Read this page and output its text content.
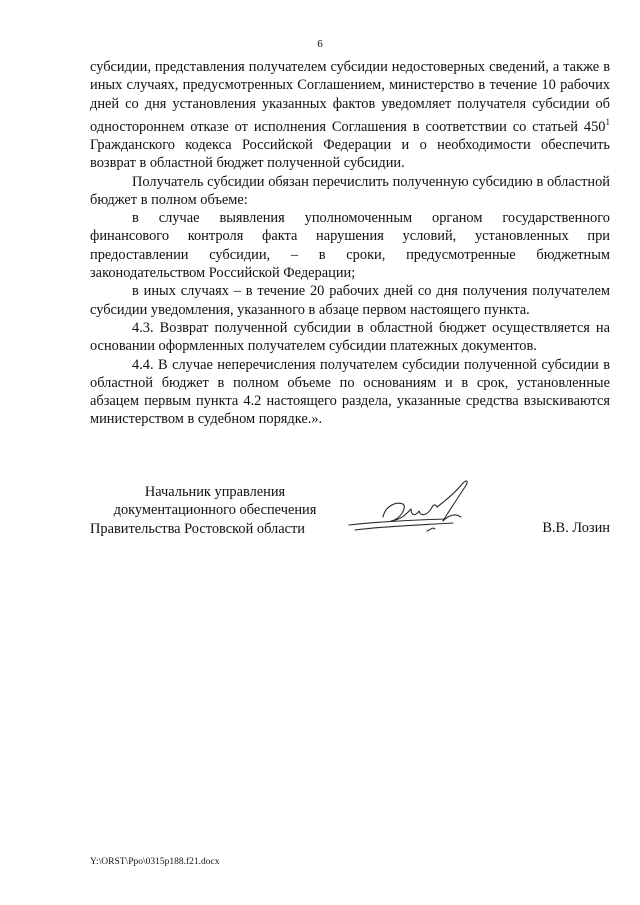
6

субсидии, представления получателем субсидии недостоверных сведений, а также в иных случаях, предусмотренных Соглашением, министерство в течение 10 рабочих дней со дня установления указанных фактов уведомляет получателя субсидии об одностороннем отказе от исполнения Соглашения в соответствии со статьей $450^1$ Гражданского кодекса Российской Федерации и о необходимости обеспечить возврат в областной бюджет полученной субсидии.

Получатель субсидии обязан перечислить полученную субсидию в областной бюджет в полном объеме:

в случае выявления уполномоченным органом государственного финансового контроля факта нарушения условий, установленных при предоставлении субсидии, – в сроки, предусмотренные бюджетным законодательством Российской Федерации;

в иных случаях – в течение 20 рабочих дней со дня получения получателем субсидии уведомления, указанного в абзаце первом настоящего пункта.

4.3. Возврат полученной субсидии в областной бюджет осуществляется на основании оформленных получателем субсидии платежных документов.

4.4. В случае неперечисления получателем субсидии полученной субсидии в областной бюджет в полном объеме по основаниям и в срок, установленные абзацем первым пункта 4.2 настоящего раздела, указанные средства взыскиваются министерством в судебном порядке.».

Начальник управления
документационного обеспечения
Правительства Ростовской области	В.В. Лозин
Y:\ORST\Ppo\0315p188.f21.docx
